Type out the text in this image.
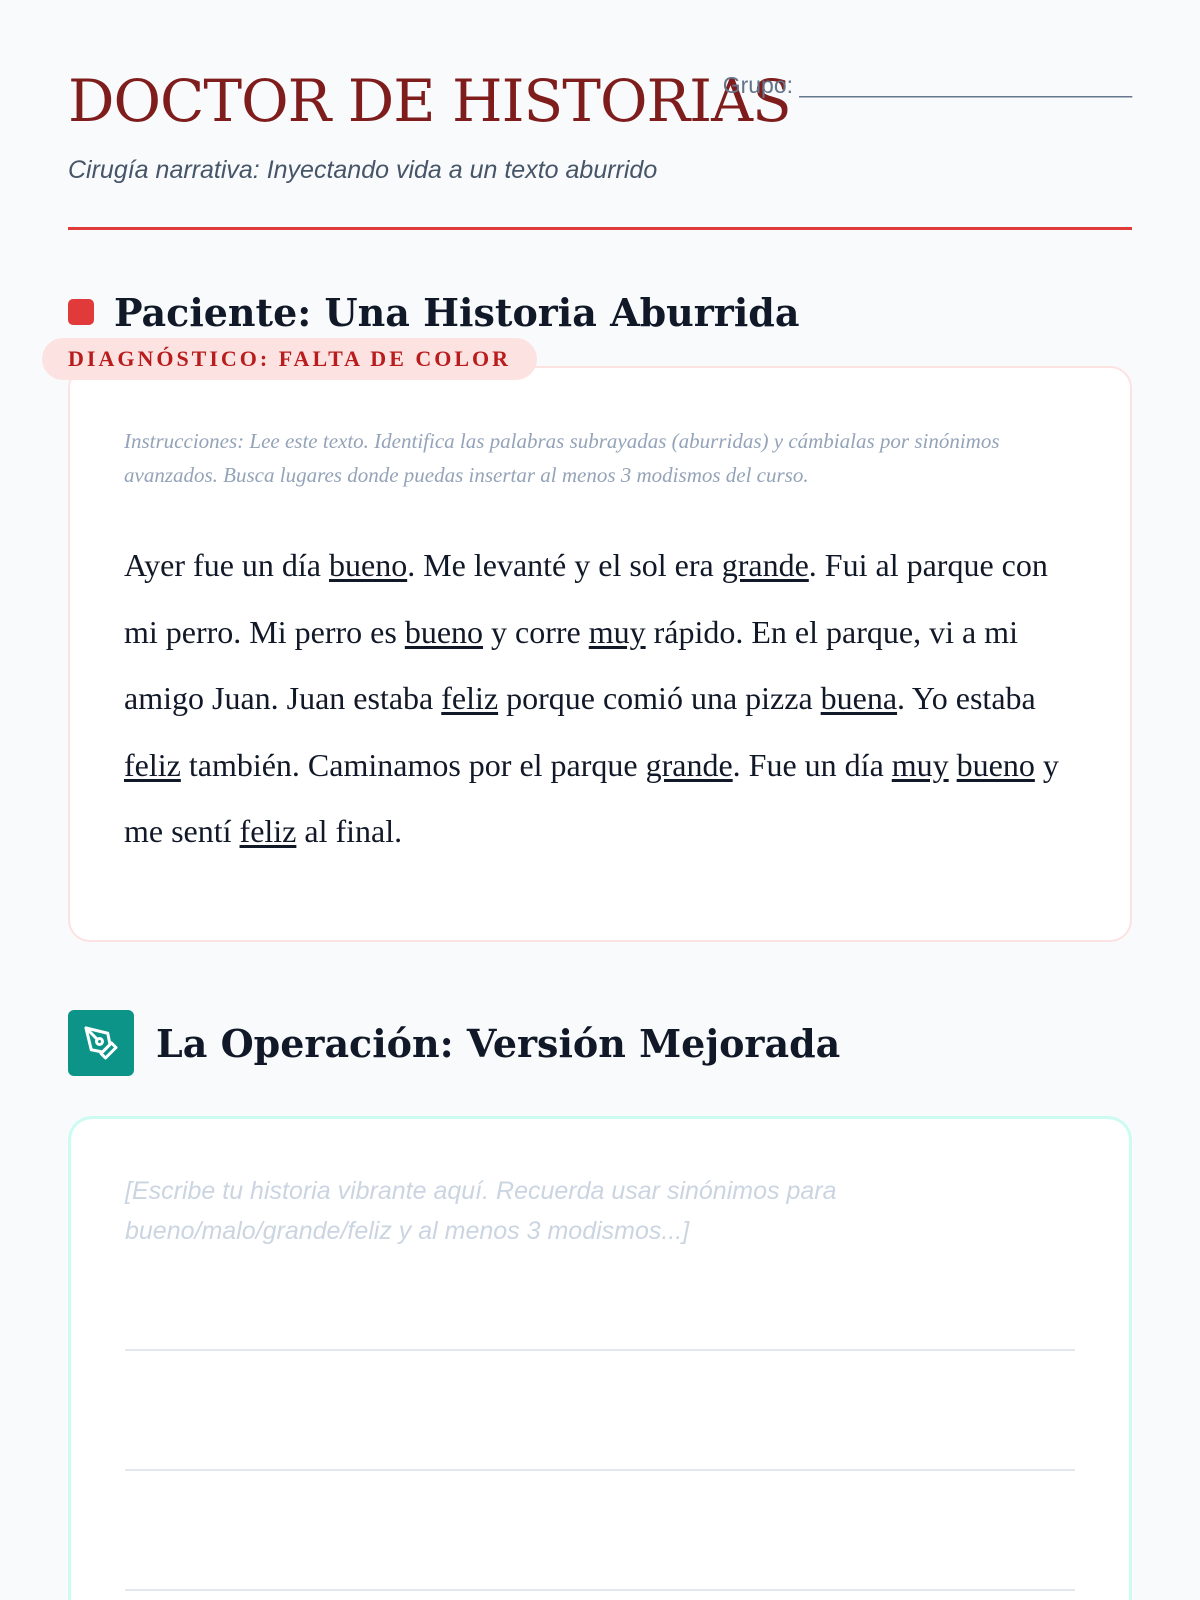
DOCTOR DE HISTORIAS
Grupo: __________________________

Cirugía narrativa: Inyectando vida a un texto aburrido

Paciente: Una Historia Aburrida
DIAGNÓSTICO: FALTA DE COLOR

Instrucciones: Lee este texto. Identifica las palabras subrayadas (aburridas) y cámbialas por sinónimos avanzados. Busca lugares donde puedas insertar al menos 3 modismos del curso.

Ayer fue un día bueno. Me levanté y el sol era grande. Fui al parque con mi perro. Mi perro es bueno y corre muy rápido. En el parque, vi a mi amigo Juan. Juan estaba feliz porque comió una pizza buena. Yo estaba feliz también. Caminamos por el parque grande. Fue un día muy bueno y me sentí feliz al final.

La Operación: Versión Mejorada

[Escribe tu historia vibrante aquí. Recuerda usar sinónimos para bueno/malo/grande/feliz y al menos 3 modismos...]
